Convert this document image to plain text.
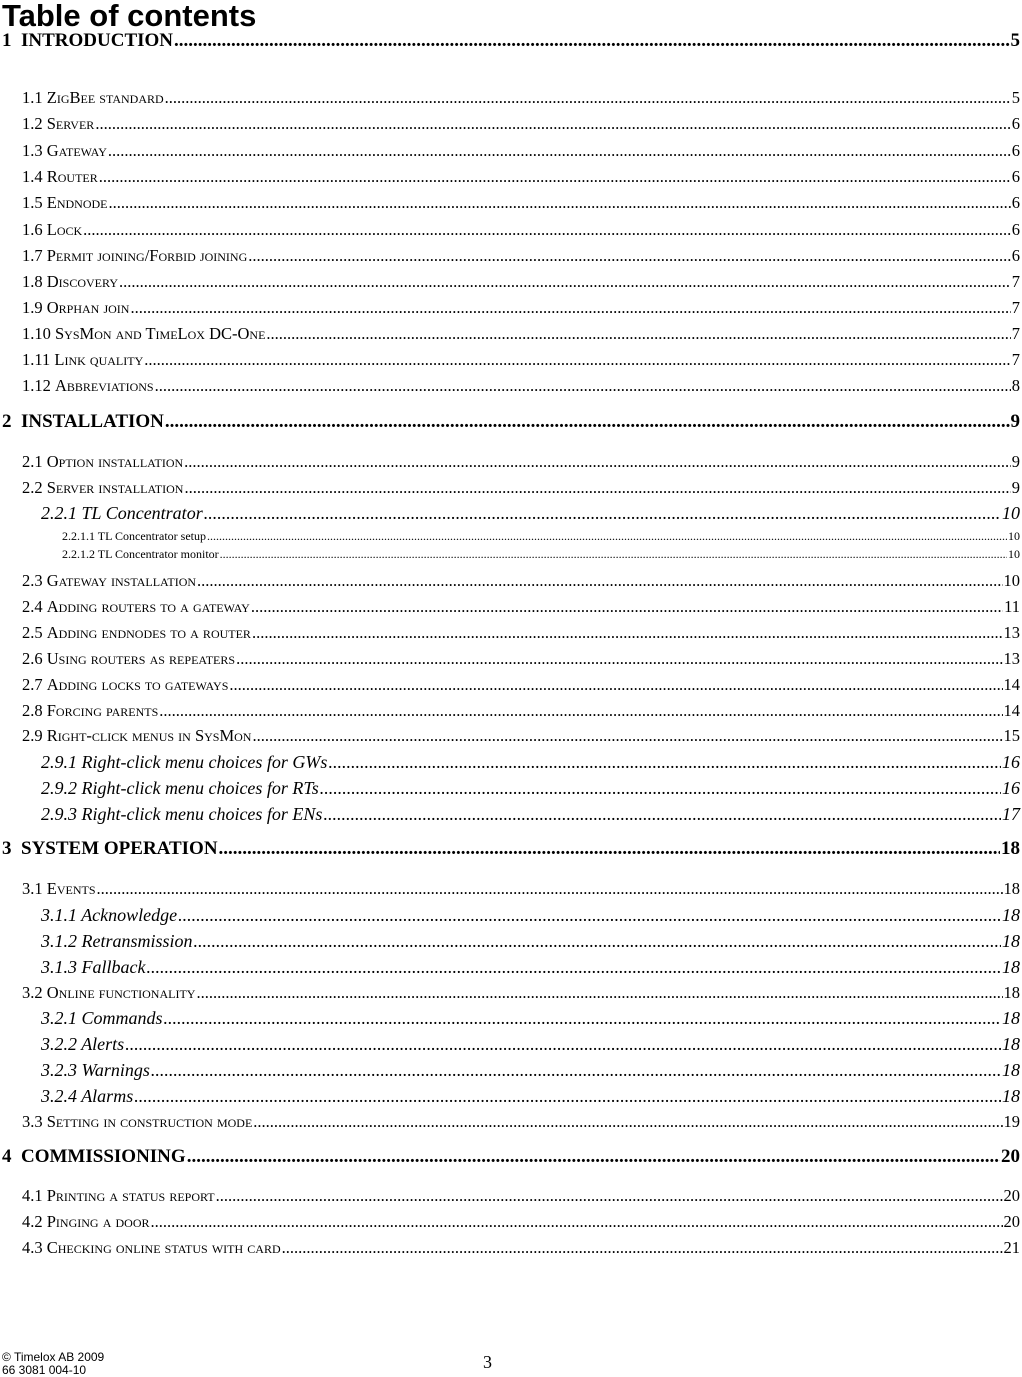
Table of contents
1  INTRODUCTION .....	5
1.1 ZigBee standard .....	5
1.2 Server .....	6
1.3 Gateway .....	6
1.4 Router .....	6
1.5 Endnode .....	6
1.6 Lock .....	6
1.7 Permit joining/Forbid joining .....	6
1.8 Discovery .....	7
1.9 Orphan join .....	7
1.10 SysMon and TimeLox DC-One .....	7
1.11 Link quality .....	7
1.12 Abbreviations .....	8
2  INSTALLATION .....	9
2.1 Option installation .....	9
2.2 Server installation .....	9
2.2.1 TL Concentrator .....	10
2.2.1.1 TL Concentrator setup .....	10
2.2.1.2 TL Concentrator monitor .....	10
2.3 Gateway installation .....	10
2.4 Adding routers to a gateway .....	11
2.5 Adding endnodes to a router .....	13
2.6 Using routers as repeaters .....	13
2.7 Adding locks to gateways .....	14
2.8 Forcing parents .....	14
2.9 Right-click menus in SysMon .....	15
2.9.1 Right-click menu choices for GWs .....	16
2.9.2 Right-click menu choices for RTs .....	16
2.9.3 Right-click menu choices for ENs .....	17
3  SYSTEM OPERATION .....	18
3.1 Events .....	18
3.1.1 Acknowledge .....	18
3.1.2 Retransmission .....	18
3.1.3 Fallback .....	18
3.2 Online functionality .....	18
3.2.1 Commands .....	18
3.2.2 Alerts .....	18
3.2.3 Warnings .....	18
3.2.4 Alarms .....	18
3.3 Setting in construction mode .....	19
4  COMMISSIONING .....	20
4.1 Printing a status report .....	20
4.2 Pinging a door .....	20
4.3 Checking online status with card .....	21
© Timelox AB 2009
66 3081 004-10	3
